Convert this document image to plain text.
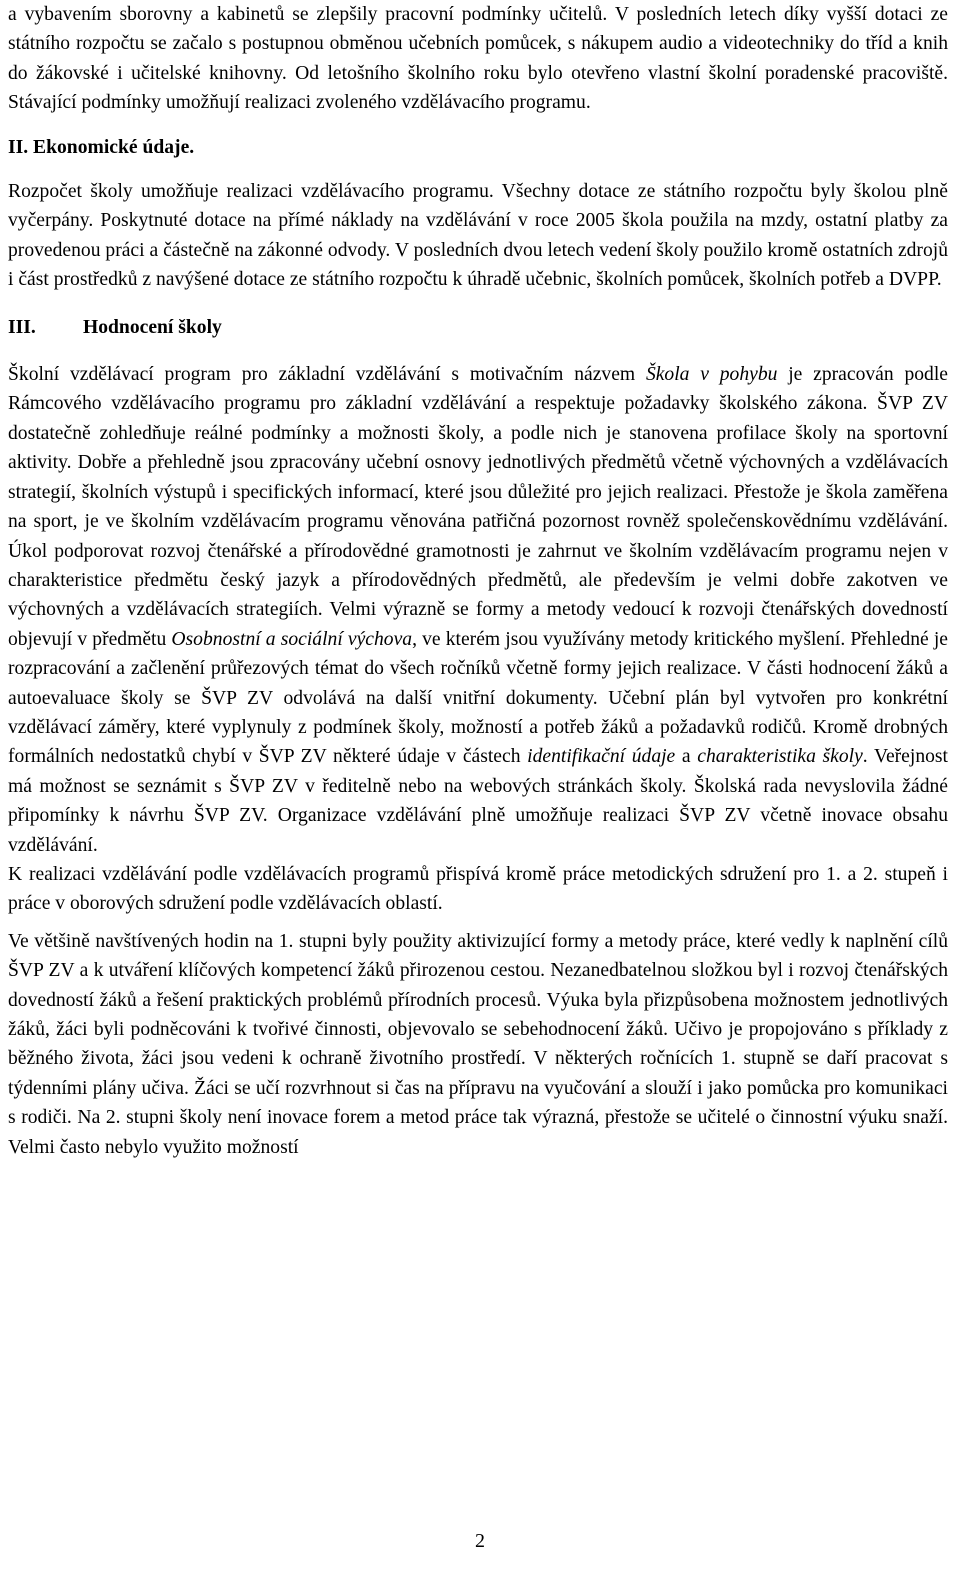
a vybavením sborovny a kabinetů se zlepšily pracovní podmínky učitelů. V posledních letech díky vyšší dotaci ze státního rozpočtu se začalo s postupnou obměnou učebních pomůcek, s nákupem audio a videotechniky do tříd a knih do žákovské i učitelské knihovny. Od letošního školního roku bylo otevřeno vlastní školní poradenské pracoviště. Stávající podmínky umožňují realizaci zvoleného vzdělávacího programu.

II. Ekonomické údaje.

Rozpočet školy umožňuje realizaci vzdělávacího programu. Všechny dotace ze státního rozpočtu byly školou plně vyčerpány. Poskytnuté dotace na přímé náklady na vzdělávání v roce 2005 škola použila na mzdy, ostatní platby za provedenou práci a částečně na zákonné odvody. V posledních dvou letech vedení školy použilo kromě ostatních zdrojů i část prostředků z navýšené dotace ze státního rozpočtu k úhradě učebnic, školních pomůcek, školních potřeb a DVPP.

III. Hodnocení školy

Školní vzdělávací program pro základní vzdělávání s motivačním názvem Škola v pohybu je zpracován podle Rámcového vzdělávacího programu pro základní vzdělávání a respektuje požadavky školského zákona. ŠVP ZV dostatečně zohledňuje reálné podmínky a možnosti školy, a podle nich je stanovena profilace školy na sportovní aktivity. Dobře a přehledně jsou zpracovány učební osnovy jednotlivých předmětů včetně výchovných a vzdělávacích strategií, školních výstupů i specifických informací, které jsou důležité pro jejich realizaci. Přestože je škola zaměřena na sport, je ve školním vzdělávacím programu věnována patřičná pozornost rovněž společenskovědnímu vzdělávání. Úkol podporovat rozvoj čtenářské a přírodovědné gramotnosti je zahrnut ve školním vzdělávacím programu nejen v charakteristice předmětu český jazyk a přírodovědných předmětů, ale především je velmi dobře zakotven ve výchovných a vzdělávacích strategiích. Velmi výrazně se formy a metody vedoucí k rozvoji čtenářských dovedností objevují v předmětu Osobnostní a sociální výchova, ve kterém jsou využívány metody kritického myšlení. Přehledné je rozpracování a začlenění průřezových témat do všech ročníků včetně formy jejich realizace. V části hodnocení žáků a autoevaluace školy se ŠVP ZV odvolává na další vnitřní dokumenty. Učební plán byl vytvořen pro konkrétní vzdělávací záměry, které vyplynuly z podmínek školy, možností a potřeb žáků a požadavků rodičů. Kromě drobných formálních nedostatků chybí v ŠVP ZV některé údaje v částech identifikační údaje a charakteristika školy. Veřejnost má možnost se seznámit s ŠVP ZV v ředitelně nebo na webových stránkách školy. Školská rada nevyslovila žádné připomínky k návrhu ŠVP ZV. Organizace vzdělávání plně umožňuje realizaci ŠVP ZV včetně inovace obsahu vzdělávání.

K realizaci vzdělávání podle vzdělávacích programů přispívá kromě práce metodických sdružení pro 1. a 2. stupeň i práce v oborových sdružení podle vzdělávacích oblastí.

Ve většině navštívených hodin na 1. stupni byly použity aktivizující formy a metody práce, které vedly k naplnění cílů ŠVP ZV a k utváření klíčových kompetencí žáků přirozenou cestou. Nezanedbatelnou složkou byl i rozvoj čtenářských dovedností žáků a řešení praktických problémů přírodních procesů. Výuka byla přizpůsobena možnostem jednotlivých žáků, žáci byli podněcováni k tvořivé činnosti, objevovalo se sebehodnocení žáků. Učivo je propojováno s příklady z běžného života, žáci jsou vedeni k ochraně životního prostředí. V některých ročnících 1. stupně se daří pracovat s týdenními plány učiva. Žáci se učí rozvrhnout si čas na přípravu na vyučování a slouží i jako pomůcka pro komunikaci s rodiči. Na 2. stupni školy není inovace forem a metod práce tak výrazná, přestože se učitelé o činnostní výuku snaží. Velmi často nebylo využito možností

2
